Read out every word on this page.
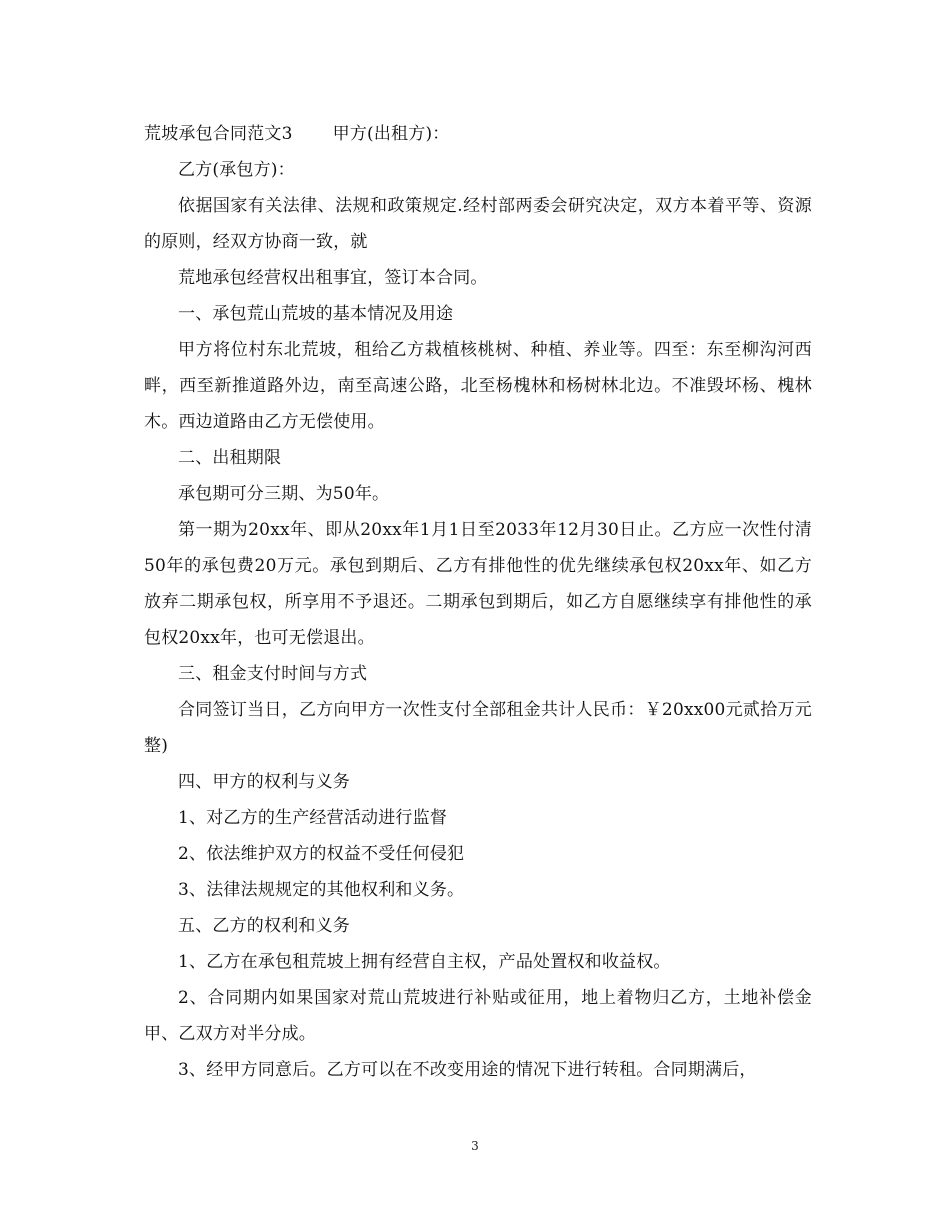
荒坡承包合同范文3 甲方(出租方)：

乙方(承包方)：

依据国家有关法律、法规和政策规定.经村部两委会研究决定，双方本着平等、资源的原则，经双方协商一致，就

荒地承包经营权出租事宜，签订本合同。

一、承包荒山荒坡的基本情况及用途

甲方将位村东北荒坡，租给乙方栽植核桃树、种植、养业等。四至：东至柳沟河西畔，西至新推道路外边，南至高速公路，北至杨槐林和杨树林北边。不准毁坏杨、槐林木。西边道路由乙方无偿使用。

二、出租期限

承包期可分三期、为50年。

第一期为20xx年、即从20xx年1月1日至2033年12月30日止。乙方应一次性付清50年的承包费20万元。承包到期后、乙方有排他性的优先继续承包权20xx年、如乙方放弃二期承包权，所享用不予退还。二期承包到期后，如乙方自愿继续享有排他性的承包权20xx年，也可无偿退出。

三、租金支付时间与方式

合同签订当日，乙方向甲方一次性支付全部租金共计人民币：￥20xx00元贰拾万元整)

四、甲方的权利与义务

1、对乙方的生产经营活动进行监督

2、依法维护双方的权益不受任何侵犯

3、法律法规规定的其他权利和义务。

五、乙方的权利和义务

1、乙方在承包租荒坡上拥有经营自主权，产品处置权和收益权。

2、合同期内如果国家对荒山荒坡进行补贴或征用，地上着物归乙方，土地补偿金甲、乙双方对半分成。

3、经甲方同意后。乙方可以在不改变用途的情况下进行转租。合同期满后，

3
